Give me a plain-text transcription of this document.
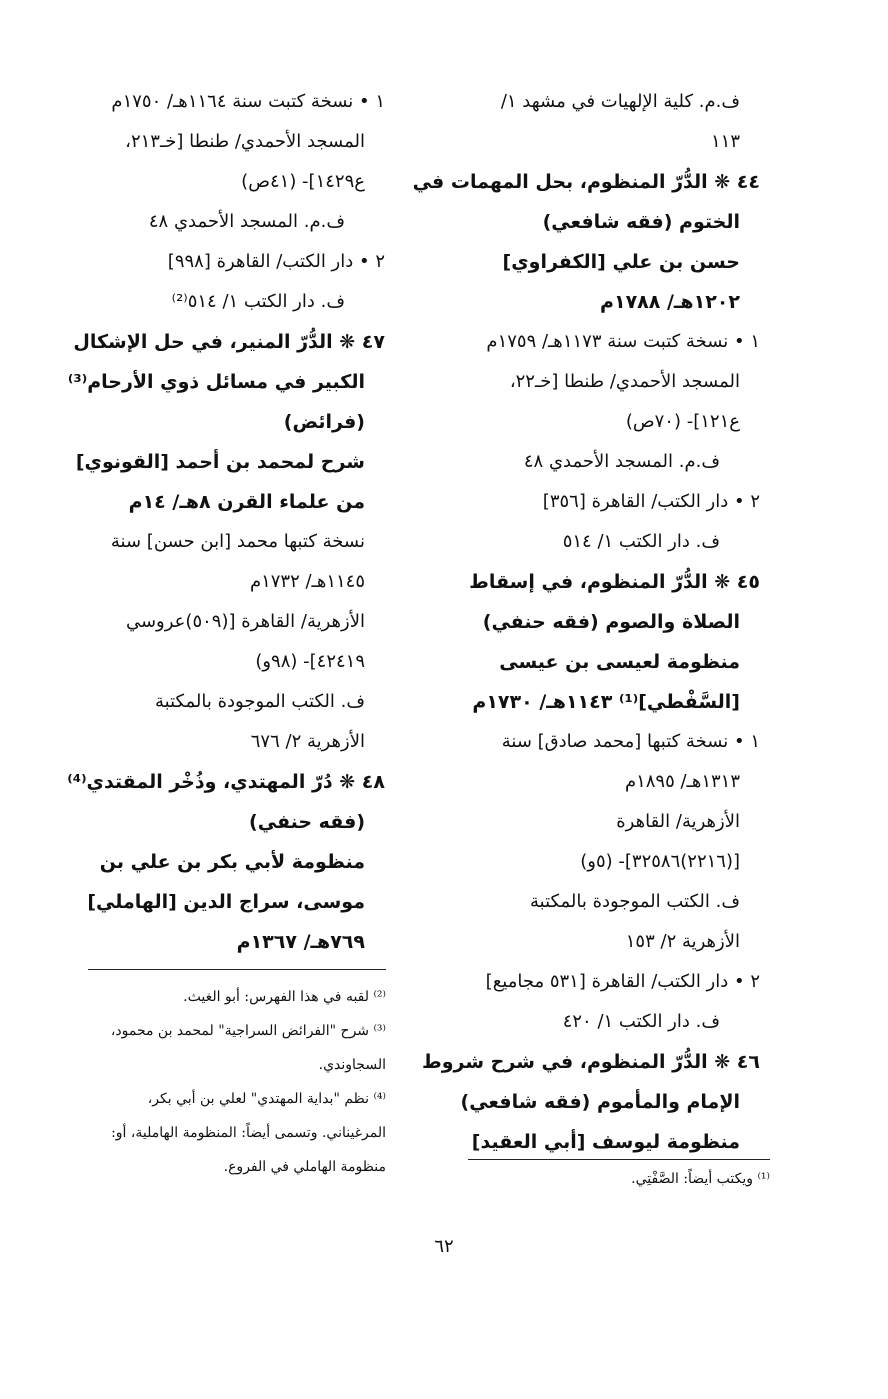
ف.م. كلية الإلهيات في مشهد ١/
١١٣
٤٤ ❋ الدُّرّ المنظوم، بحل المهمات في
الختوم (فقه شافعي)
حسن بن علي [الكفراوي]
١٢٠٢هـ/ ١٧٨٨م
١ • نسخة كتبت سنة ١١٧٣هـ/ ١٧٥٩م
المسجد الأحمدي/ طنطا [خـ٢٢،
ع١٢١]- (٧٠ص)
ف.م. المسجد الأحمدي ٤٨
٢ • دار الكتب/ القاهرة [٣٥٦]
ف. دار الكتب ١/ ٥١٤
٤٥ ❋ الدُّرّ المنظوم، في إسقاط
الصلاة والصوم (فقه حنفي)
منظومة لعيسى بن عيسى
[السَّفْطي]⁽¹⁾ ١١٤٣هـ/ ١٧٣٠م
١ • نسخة كتبها [محمد صادق] سنة
١٣١٣هـ/ ١٨٩٥م
الأزهرية/ القاهرة
[(٢٢١٦)٣٢٥٨٦]- (٥و)
ف. الكتب الموجودة بالمكتبة
الأزهرية ٢/ ١٥٣
٢ • دار الكتب/ القاهرة [٥٣١ مجاميع]
ف. دار الكتب ١/ ٤٢٠
٤٦ ❋ الدُّرّ المنظوم، في شرح شروط
الإمام والمأموم (فقه شافعي)
منظومة ليوسف [أبي العقيد]
١ • نسخة كتبت سنة ١١٦٤هـ/ ١٧٥٠م
المسجد الأحمدي/ طنطا [خـ٢١٣،
ع١٤٢٩]- (٤١ص)
ف.م. المسجد الأحمدي ٤٨
٢ • دار الكتب/ القاهرة [٩٩٨]
ف. دار الكتب ١/ ٥١٤⁽²⁾
٤٧ ❋ الدُّرّ المنير، في حل الإشكال
الكبير في مسائل ذوي الأرحام⁽³⁾
(فرائض)
شرح لمحمد بن أحمد [القونوي]
من علماء القرن ٨هـ/ ١٤م
نسخة كتبها محمد [ابن حسن] سنة
١١٤٥هـ/ ١٧٣٢م
الأزهرية/ القاهرة [(٥٠٩)عروسي
٤٢٤١٩]- (٩٨و)
ف. الكتب الموجودة بالمكتبة
الأزهرية ٢/ ٦٧٦
٤٨ ❋ دُرّ المهتدي، وذُخْر المقتدي⁽⁴⁾
(فقه حنفي)
منظومة لأبي بكر بن علي بن
موسى، سراج الدين [الهاملي]
٧٦٩هـ/ ١٣٦٧م
⁽²⁾ لقبه في هذا الفهرس: أبو الغيث.
⁽³⁾ شرح "الفرائض السراجية" لمحمد بن محمود،
السجاوندي.
⁽⁴⁾ نظم "بداية المهتدي" لعلي بن أبي بكر،
المرغيناني. وتسمى أيضاً: المنظومة الهاملية، أو:
منظومة الهاملي في الفروع.
⁽¹⁾ ويكتب أيضاً: الصَّفْتِي.
٦٢
